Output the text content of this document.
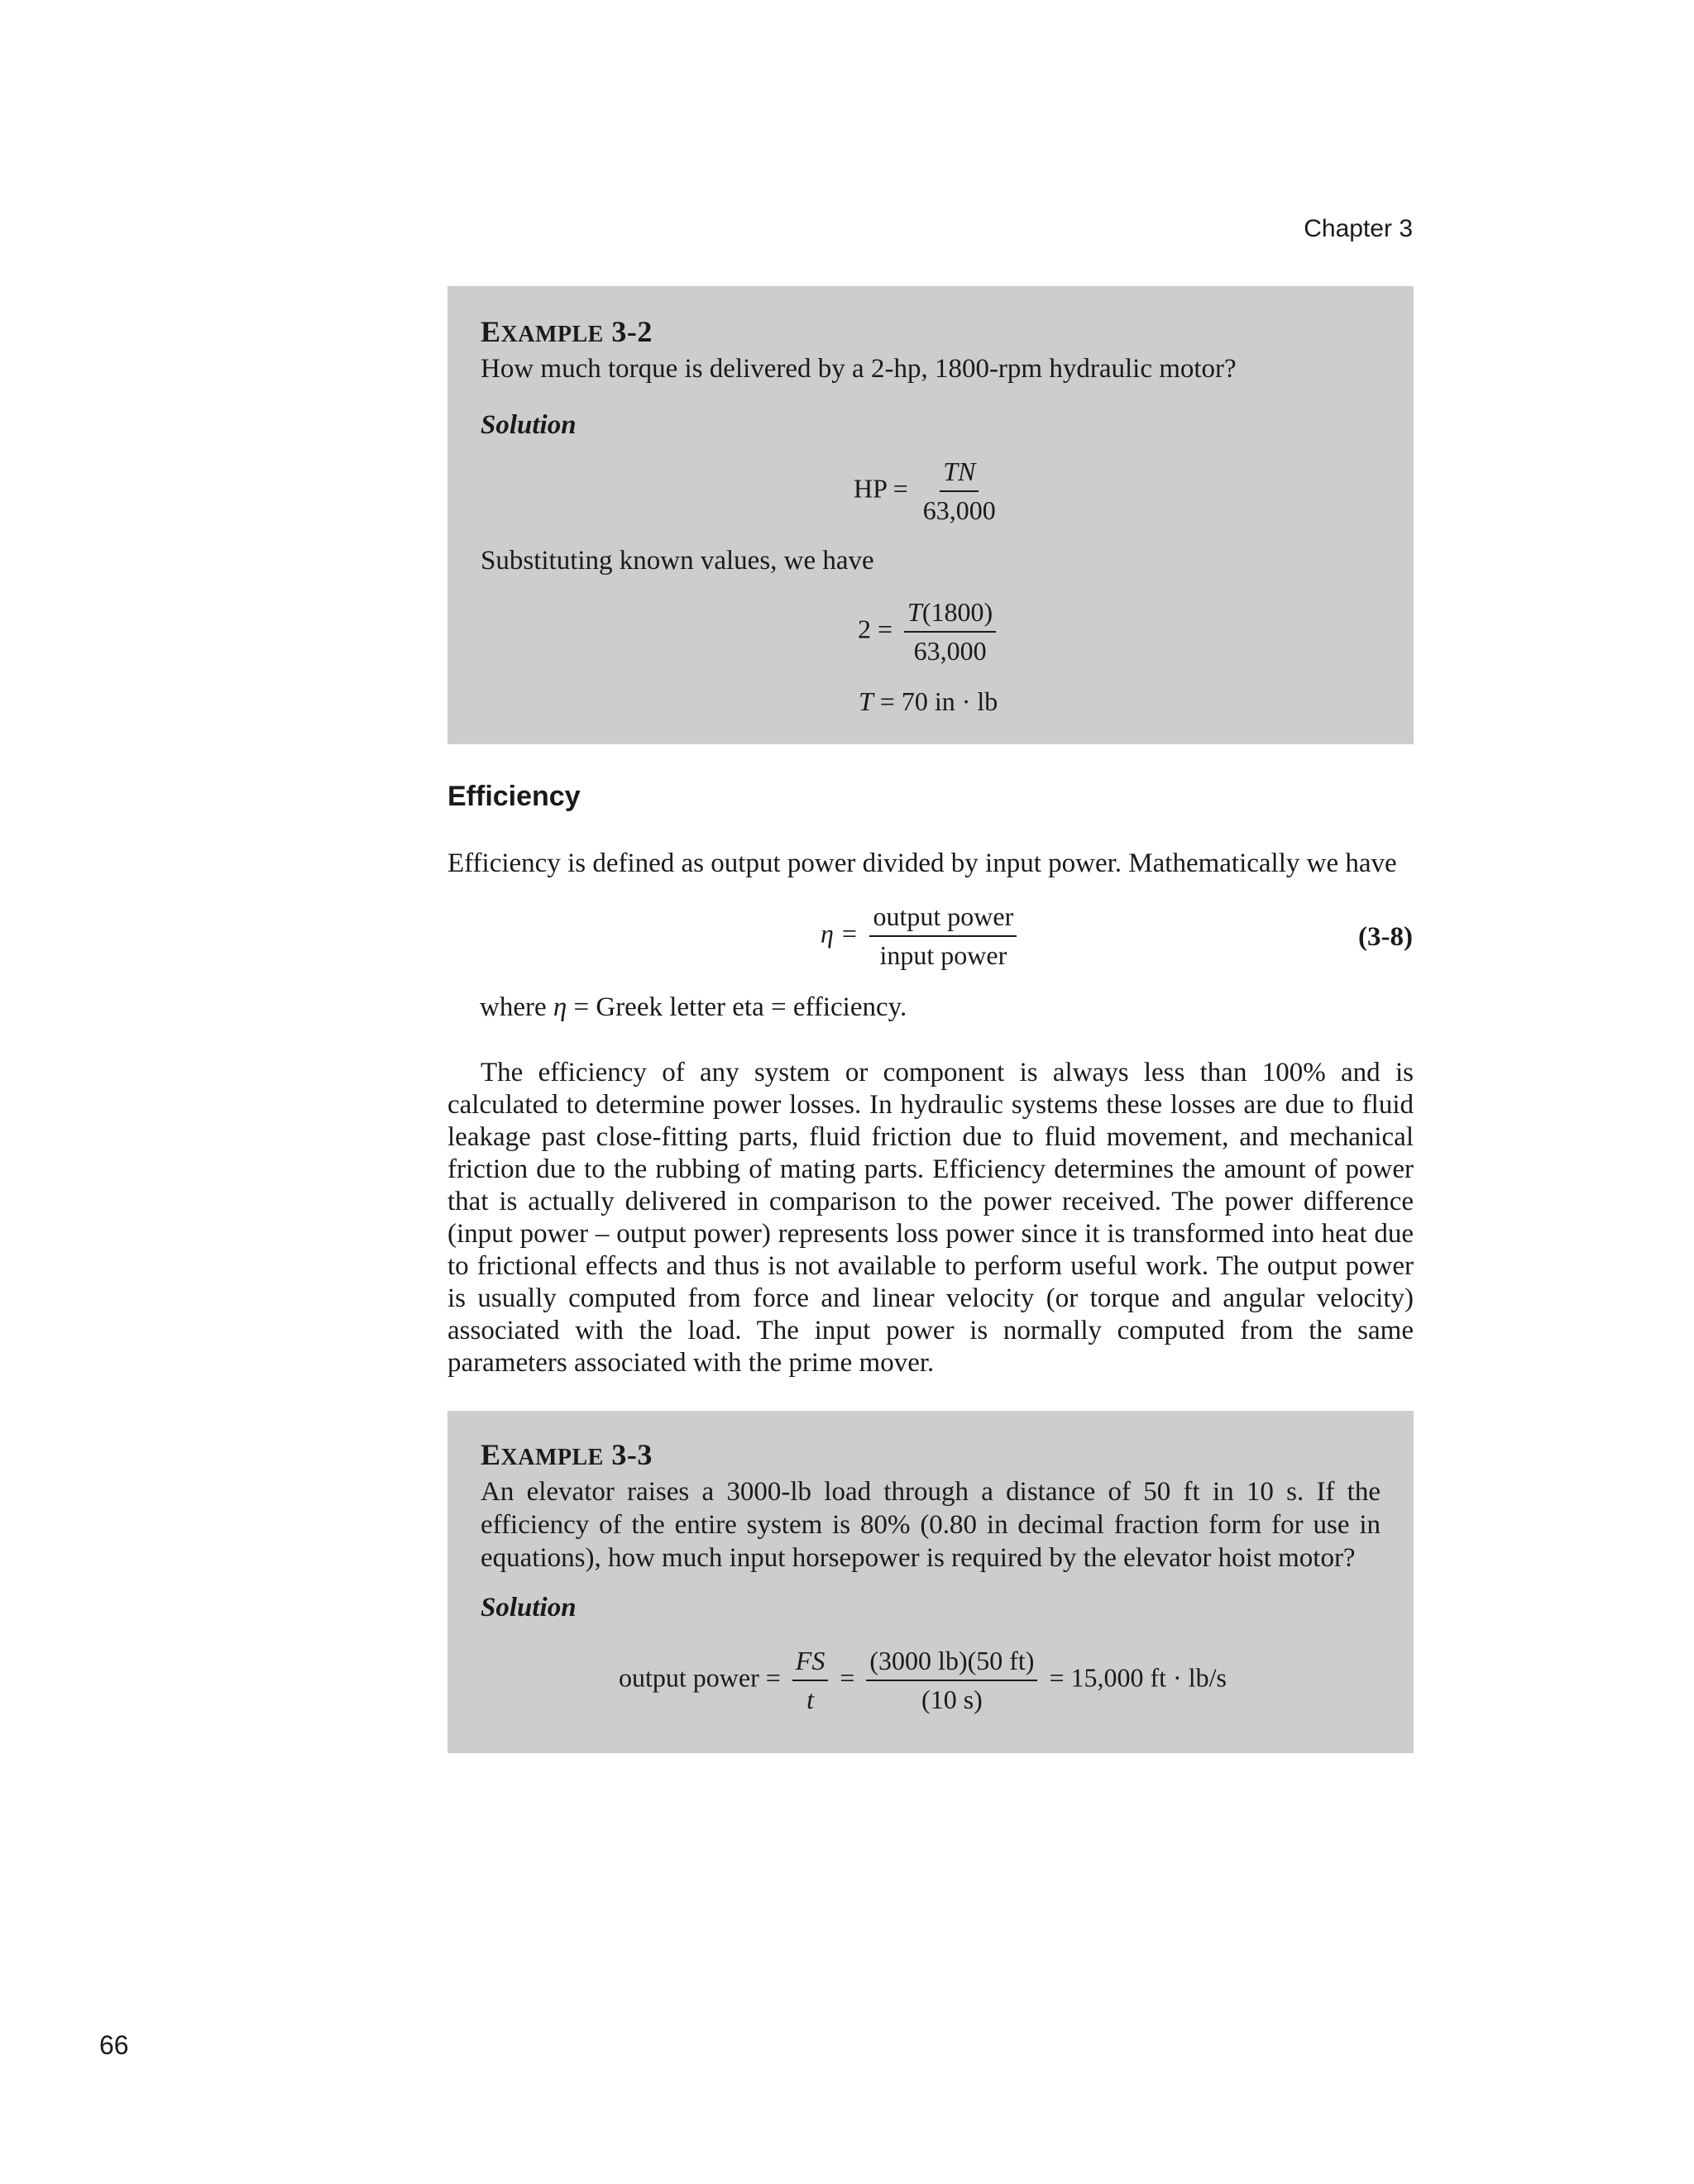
Chapter 3
EXAMPLE 3-2
How much torque is delivered by a 2-hp, 1800-rpm hydraulic motor?
Solution
Substituting known values, we have
HP = $\frac{TN}{63,000}$
$2 = \frac{T(1800)}{63,000}$
T = 70 in · lb
Efficiency
Efficiency is defined as output power divided by input power. Mathematically we have
$\eta = \frac{\text{output power}}{\text{input power}}$	(3-8)
where η = Greek letter eta = efficiency.
The efficiency of any system or component is always less than 100% and is calculated to determine power losses. In hydraulic systems these losses are due to fluid leakage past close-fitting parts, fluid friction due to fluid movement, and mechanical friction due to the rubbing of mating parts. Efficiency determines the amount of power that is actually delivered in comparison to the power received. The power difference (input power – output power) represents loss power since it is transformed into heat due to frictional effects and thus is not available to perform useful work. The output power is usually computed from force and linear velocity (or torque and angular velocity) associated with the load. The input power is normally computed from the same parameters associated with the prime mover.
EXAMPLE 3-3
An elevator raises a 3000-lb load through a distance of 50 ft in 10 s. If the efficiency of the entire system is 80% (0.80 in decimal fraction form for use in equations), how much input horsepower is required by the elevator hoist motor?
Solution
output power = $\frac{FS}{t} = \frac{(3000 lb)(50 ft)}{(10 s)} = 15,000$ ft · lb/s
66
